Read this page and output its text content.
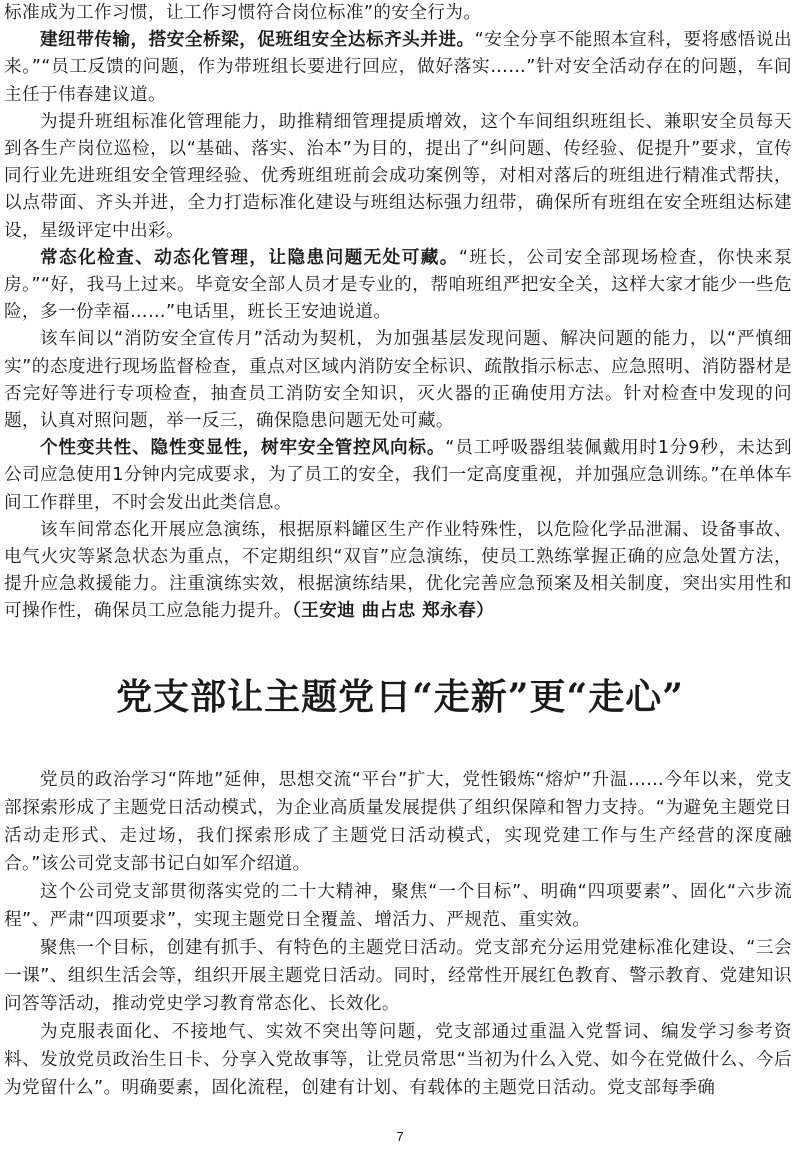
标准成为工作习惯，让工作习惯符合岗位标准”的安全行为。

建纽带传输，搭安全桥梁，促班组安全达标齐头并进。“安全分享不能照本宣科，要将感悟说出来。”“员工反馈的问题，作为带班组长要进行回应，做好落实……”针对安全活动存在的问题，车间主任于伟春建议道。

为提升班组标准化管理能力，助推精细管理提质增效，这个车间组织班组长、兼职安全员每天到各生产岗位巡检，以“基础、落实、治本”为目的，提出了“纠问题、传经验、促提升”要求，宣传同行业先进班组安全管理经验、优秀班组班前会成功案例等，对相对落后的班组进行精准式帮扶，以点带面、齐头并进，全力打造标准化建设与班组达标强力纽带，确保所有班组在安全班组达标建设，星级评定中出彩。

常态化检查、动态化管理，让隐患问题无处可藏。“班长，公司安全部现场检查，你快来泵房。”“好，我马上过来。毕竟安全部人员才是专业的，帮咱班组严把安全关，这样大家才能少一些危险，多一份幸福……”电话里，班长王安迪说道。

该车间以“消防安全宣传月”活动为契机，为加强基层发现问题、解决问题的能力，以“严慎细实”的态度进行现场监督检查，重点对区域内消防安全标识、疏散指示标志、应急照明、消防器材是否完好等进行专项检查，抽查员工消防安全知识，灭火器的正确使用方法。针对检查中发现的问题，认真对照问题，举一反三，确保隐患问题无处可藏。

个性变共性、隐性变显性，树牢安全管控风向标。“员工呼吸器组装佩戴用时1分9秒，未达到公司应急使用1分钟内完成要求，为了员工的安全，我们一定高度重视，并加强应急训练。”在单体车间工作群里，不时会发出此类信息。

该车间常态化开展应急演练，根据原料罐区生产作业特殊性，以危险化学品泄漏、设备事故、电气火灾等紧急状态为重点，不定期组织“双盲”应急演练，使员工熟练掌握正确的应急处置方法，提升应急救援能力。注重演练实效，根据演练结果，优化完善应急预案及相关制度，突出实用性和可操作性，确保员工应急能力提升。（王安迪 曲占忠 郑永春）

党支部让主题党日“走新”更“走心”

党员的政治学习“阵地”延伸，思想交流“平台”扩大，党性锻炼“熔炉”升温……今年以来，党支部探索形成了主题党日活动模式，为企业高质量发展提供了组织保障和智力支持。“为避免主题党日活动走形式、走过场，我们探索形成了主题党日活动模式，实现党建工作与生产经营的深度融合。”该公司党支部书记白如军介绍道。

这个公司党支部贯彻落实党的二十大精神，聚焦“一个目标”、明确“四项要素”、固化“六步流程”、严肃“四项要求”，实现主题党日全覆盖、增活力、严规范、重实效。

聚焦一个目标，创建有抓手、有特色的主题党日活动。党支部充分运用党建标准化建设、“三会一课”、组织生活会等，组织开展主题党日活动。同时，经常性开展红色教育、警示教育、党建知识问答等活动，推动党史学习教育常态化、长效化。

为克服表面化、不接地气、实效不突出等问题，党支部通过重温入党誓词、编发学习参考资料、发放党员政治生日卡、分享入党故事等，让党员常思“当初为什么入党、如今在党做什么、今后为党留什么”。明确要素，固化流程，创建有计划、有载体的主题党日活动。党支部每季确

7
